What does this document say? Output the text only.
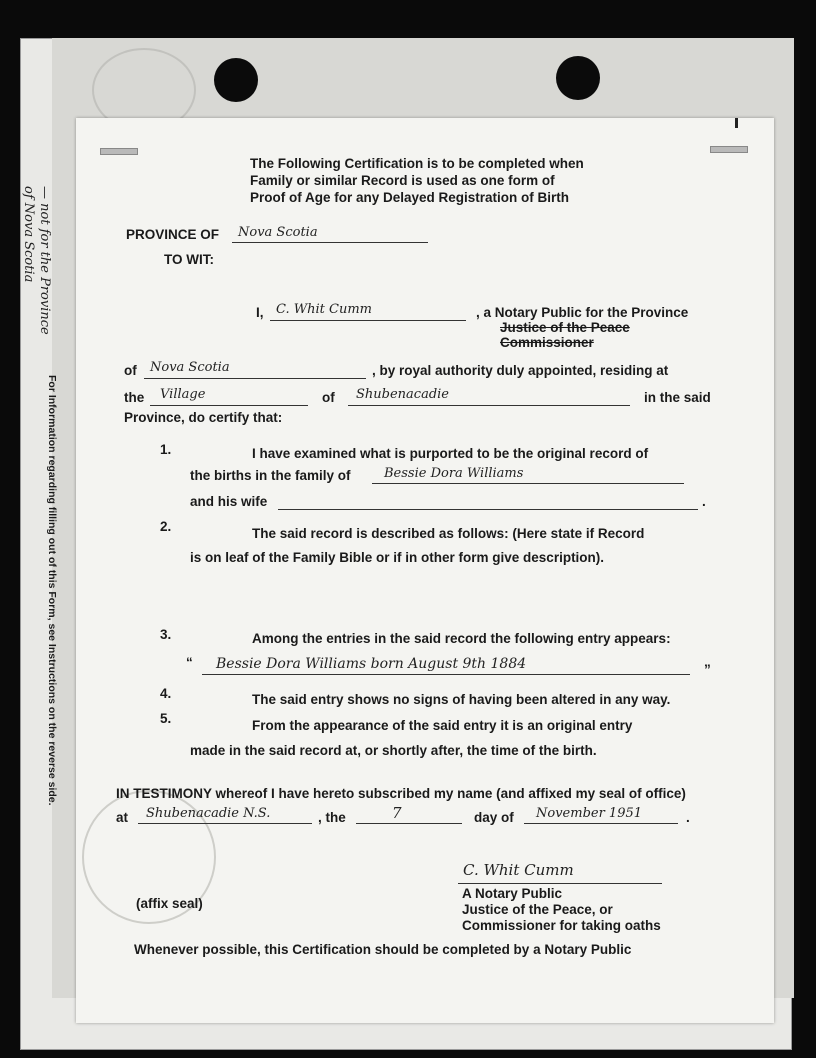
The Following Certification is to be completed when
Family or similar Record is used as one form of
Proof of Age for any Delayed Registration of Birth
PROVINCE OF Nova Scotia
TO WIT:
I, C. Whit Cumm	, a Notary Public for the Province
Justice of the Peace
Commissioner
of Nova Scotia	, by royal authority duly appointed, residing at
the Village	of Shubenacadie	in the said
Province, do certify that:
1.	I have examined what is purported to be the original record of
the births in the family of	Bessie Dora Williams
and his wife	.
2.	The said record is described as follows: (Here state if Record
is on leaf of the Family Bible or if in other form give description).
3.	Among the entries in the said record the following entry appears:
“ Bessie Dora Williams born August 9th 1884	”
4.	The said entry shows no signs of having been altered in any way.
5.	From the appearance of the said entry it is an original entry
made in the said record at, or shortly after, the time of the birth.
IN TESTIMONY whereof I have hereto subscribed my name (and affixed my seal of office)
at Shubenacadie N.S.	, the	7	day of November 1951	.
C. Whit Cumm
A Notary Public
Justice of the Peace, or
Commissioner for taking oaths
(affix seal)
Whenever possible, this Certification should be completed by a Notary Public
For Information regarding filling out of this Form, see Instructions on the reverse side.
— not for the Province
of Nova Scotia
